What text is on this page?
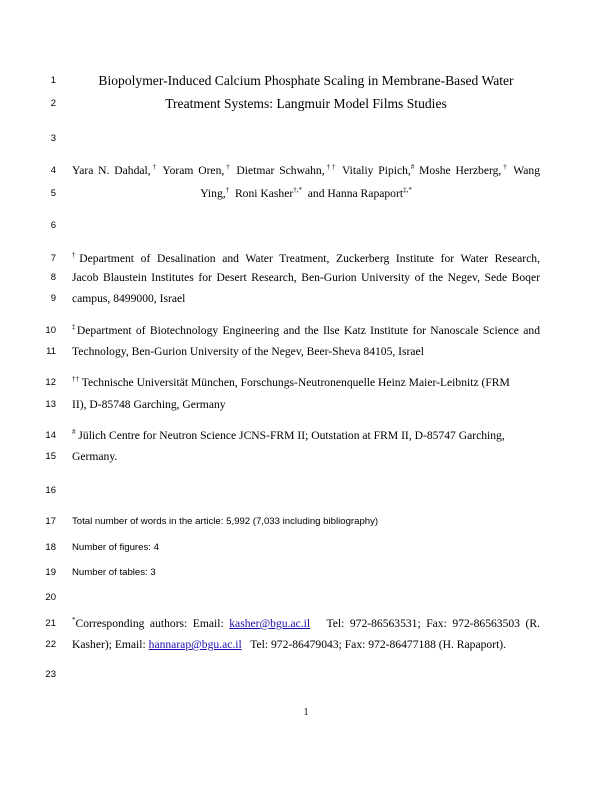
1
2
3
4
5
6
7
8
9
10
11
12
13
14
15
16
17
18
19
20
21
22
23
Biopolymer-Induced Calcium Phosphate Scaling in Membrane-Based Water
Treatment Systems: Langmuir Model Films Studies
Yara N. Dahdal,† Yoram Oren,† Dietmar Schwahn,†† Vitaliy Pipich,# Moshe Herzberg,† Wang
Ying,† Roni Kasher†,* and Hanna Rapaport‡,*
†Department of Desalination and Water Treatment, Zuckerberg Institute for Water Research,
Jacob Blaustein Institutes for Desert Research, Ben-Gurion University of the Negev, Sede Boqer
campus, 8499000, Israel
‡Department of Biotechnology Engineering and the Ilse Katz Institute for Nanoscale Science and
Technology, Ben-Gurion University of the Negev, Beer-Sheva 84105, Israel
†† Technische Universität München, Forschungs-Neutronenquelle Heinz Maier-Leibnitz (FRM
II), D-85748 Garching, Germany
# Jülich Centre for Neutron Science JCNS-FRM II; Outstation at FRM II, D-85747 Garching,
Germany.
Total number of words in the article: 5,992 (7,033 including bibliography)
Number of figures: 4
Number of tables: 3
*Corresponding authors: Email: kasher@bgu.ac.il Tel: 972-86563531; Fax: 972-86563503 (R.
Kasher); Email: hannarap@bgu.ac.il Tel: 972-86479043; Fax: 972-86477188 (H. Rapaport).
1
